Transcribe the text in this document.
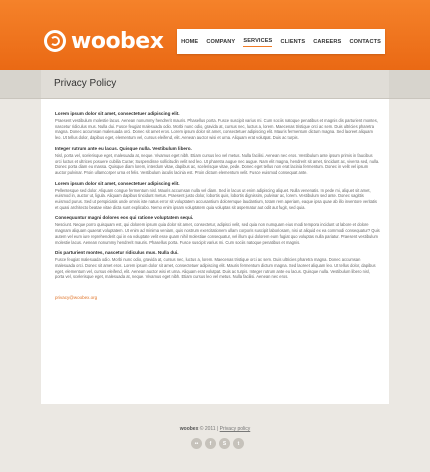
woobex	HOME COMPANY SERVICES CLIENTS CAREERS CONTACTS
Privacy Policy
Lorem ipsum dolor sit amet, consectetuer adipiscing elit.

Praesent vestibulum molestie lacus. Aenean nonummy hendrerit mauris. Phasellus porta. Fusce suscipit varius mi. Cum sociis natoque penatibus et magnis dis parturient montes, nascetur ridiculus mus. Nulla dui. Fusce feugiat malesuada odio. Morbi nunc odio, gravida at, cursus nec, luctus a, lorem. Maecenas tristique orci ac sem. Duis ultricies pharetra magna. Donec accumsan malesuada orci. Donec sit amet eros. Lorem ipsum dolor sit amet, consectetuer adipiscing elit. Mauris fermentum dictum magna. Sed laoreet aliquam leo. Ut tellus dolor, dapibus eget, elementum vel, cursus eleifend, elit. Aenean auctor wisi et urna. Aliquam erat volutpat. Duis ac turpis.

Integer rutrum ante eu lacus. Quisque nulla. Vestibulum libero.

Nisl, porta vel, scelerisque eget, malesuada at, neque. Vivamus eget nibh. Etiam cursus leo vel metus. Nulla facilisi. Aenean nec eros. Vestibulum ante ipsum primis in faucibus orci luctus et ultrices posuere cubilia Curae; Suspendisse sollicitudin velit sed leo. Ut pharetra augue nec augue. Nam elit magna, hendrerit sit amet, tincidunt ac, viverra sed, nulla. Donec porta diam eu massa. Quisque diam lorem, interdum vitae, dapibus ac, scelerisque vitae, pede. Donec eget tellus non erat lacinia fermentum. Donec in velit vel ipsum auctor pulvinar. Proin ullamcorper urna et felis. Vestibulum iaculis lacinia est. Proin dictum elementum velit. Fusce euismod consequat ante.

Lorem ipsum dolor sit amet, consectetuer adipiscing elit.

Pellentesque sed dolor. Aliquam congue fermentum nisl. Mauris accumsan nulla vel diam. Sed in lacus ut enim adipiscing aliquet. Nulla venenatis. In pede mi, aliquet sit amet, euismod in, auctor ut, ligula. Aliquam dapibus tincidunt metus. Praesent justo dolor, lobortis quis, lobortis dignissim, pulvinar ac, lorem. Vestibulum sed ante. Donec sagittis euismod purus. Sed ut perspiciatis unde omnis iste natus error sit voluptatem accusantium doloremque laudantium, totam rem aperiam, eaque ipsa quae ab illo inventore veritatis et quasi architecto beatae vitae dicta sunt explicabo. Nemo enim ipsam voluptatem quia voluptas sit aspernatur aut odit aut fugit, sed quia.

Consequuntur magni dolores eos qui ratione voluptatem sequi.

Nesciunt. Neque porro quisquam est, qui dolorem ipsum quia dolor sit amet, consectetur, adipisci velit, sed quia non numquam eius modi tempora incidunt ut labore et dolore magnam aliquam quaerat voluptatem. Ut enim ad minima veniam, quis nostrum exercitationem ullam corporis suscipit laboriosam, nisi ut aliquid ex ea commodi consequatur? Quis autem vel eum iure reprehenderit qui in ea voluptate velit esse quam nihil molestiae consequatur, vel illum qui dolorem eum fugiat quo voluptas nulla pariatur. Praesent vestibulum molestie lacus. Aenean nonummy hendrerit mauris. Phasellus porta. Fusce suscipit varius mi. Cum sociis natoque penatibus et magnis.

Dis parturient montes, nascetur ridiculus mus. Nulla dui.

Fusce feugiat malesuada odio. Morbi nunc odio, gravida at, cursus nec, luctus a, lorem. Maecenas tristique orci ac sem. Duis ultricies pharetra magna. Donec accumsan malesuada orci. Donec sit amet eros. Lorem ipsum dolor sit amet, consectetuer adipiscing elit. Mauris fermentum dictum magna. Sed laoreet aliquam leo. Ut tellus dolor, dapibus eget, elementum vel, cursus eleifend, elit. Aenean auctor wisi et urna. Aliquam erat volutpat. Duis ac turpis. Integer rutrum ante eu lacus. Quisque nulla. Vestibulum libero nisl, porta vel, scelerisque eget, malesuada at, neque. Vivamus eget nibh. Etiam cursus leo vel metus. Nulla facilisi. Aenean nec eros.

privacy@woobex.org
woobex © 2011 | Privacy policy
••	f	S	t
